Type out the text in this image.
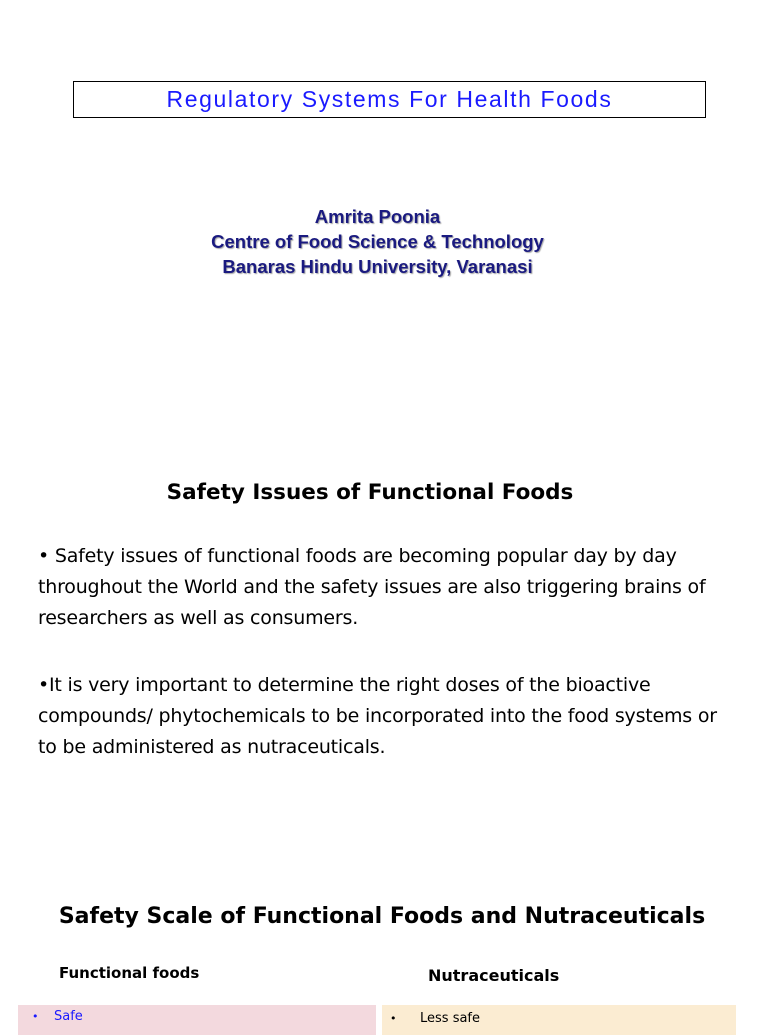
Regulatory Systems For Health Foods
Amrita Poonia
Centre of Food Science & Technology
Banaras Hindu University, Varanasi
Safety Issues of Functional Foods
• Safety issues of functional foods are becoming popular day by day throughout the World and the safety issues are also triggering brains of researchers as well as consumers.
•It is very important to determine the right doses of the bioactive compounds/ phytochemicals to be incorporated into the food systems or to be administered as nutraceuticals.
Safety Scale of Functional Foods and Nutraceuticals
Functional foods	Nutraceuticals
• Safe	• Less safe
